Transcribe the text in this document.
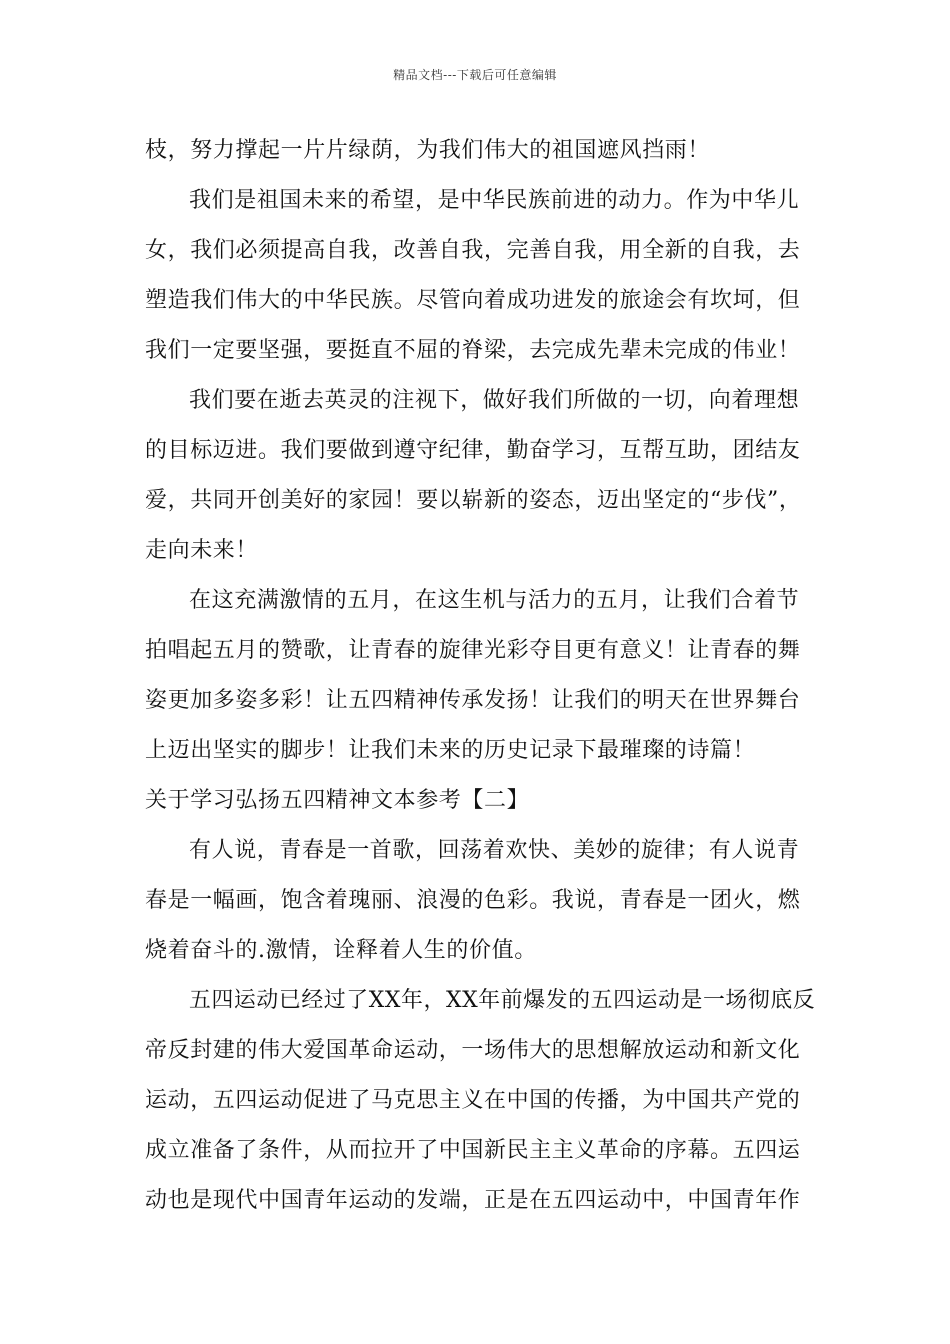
精品文档---下载后可任意编辑
枝，努力撑起一片片绿荫，为我们伟大的祖国遮风挡雨！
我们是祖国未来的希望，是中华民族前进的动力。作为中华儿
女，我们必须提高自我，改善自我，完善自我，用全新的自我，去
塑造我们伟大的中华民族。尽管向着成功进发的旅途会有坎坷，但
我们一定要坚强，要挺直不屈的脊梁，去完成先辈未完成的伟业！
我们要在逝去英灵的注视下，做好我们所做的一切，向着理想
的目标迈进。我们要做到遵守纪律，勤奋学习，互帮互助，团结友
爱，共同开创美好的家园！要以崭新的姿态，迈出坚定的“步伐”，
走向未来！
在这充满激情的五月，在这生机与活力的五月，让我们合着节
拍唱起五月的赞歌，让青春的旋律光彩夺目更有意义！让青春的舞
姿更加多姿多彩！让五四精神传承发扬！让我们的明天在世界舞台
上迈出坚实的脚步！让我们未来的历史记录下最璀璨的诗篇！
关于学习弘扬五四精神文本参考【二】
有人说，青春是一首歌，回荡着欢快、美妙的旋律；有人说青
春是一幅画，饱含着瑰丽、浪漫的色彩。我说，青春是一团火，燃
烧着奋斗的.激情，诠释着人生的价值。
五四运动已经过了XX年，XX年前爆发的五四运动是一场彻底反
帝反封建的伟大爱国革命运动，一场伟大的思想解放运动和新文化
运动，五四运动促进了马克思主义在中国的传播，为中国共产党的
成立准备了条件，从而拉开了中国新民主主义革命的序幕。五四运
动也是现代中国青年运动的发端，正是在五四运动中，中国青年作
